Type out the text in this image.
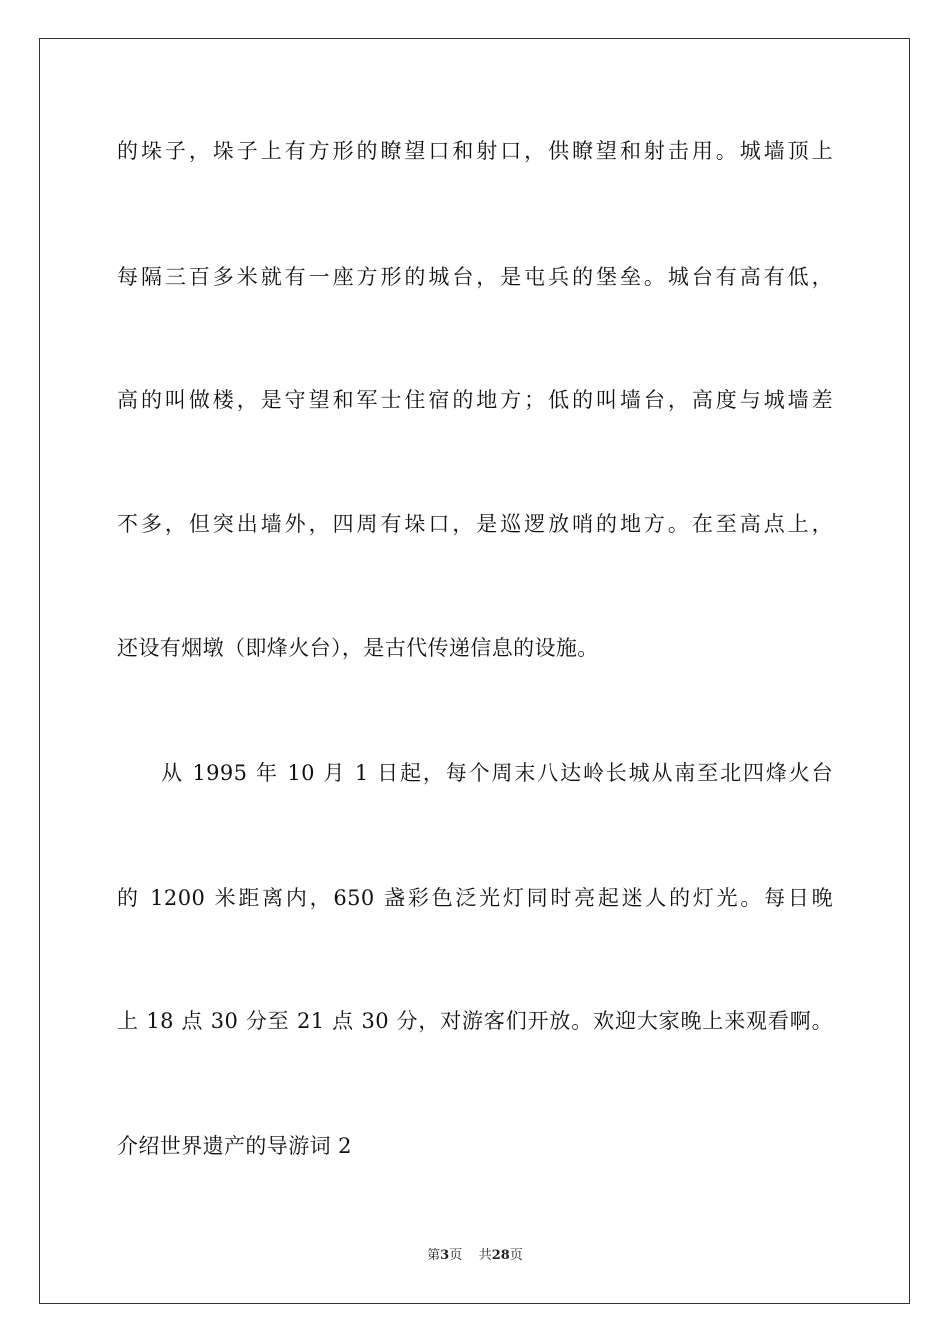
的垛子，垛子上有方形的瞭望口和射口，供瞭望和射击用。城墙顶上
每隔三百多米就有一座方形的城台，是屯兵的堡垒。城台有高有低，
高的叫做楼，是守望和军士住宿的地方；低的叫墙台，高度与城墙差
不多，但突出墙外，四周有垛口，是巡逻放哨的地方。在至高点上，
还设有烟墩（即烽火台），是古代传递信息的设施。
从 1995 年 10 月 1 日起，每个周末八达岭长城从南至北四烽火台
的 1200 米距离内，650 盏彩色泛光灯同时亮起迷人的灯光。每日晚
上 18 点 30 分至 21 点 30 分，对游客们开放。欢迎大家晚上来观看啊。
介绍世界遗产的导游词 2
第3页 共28页
